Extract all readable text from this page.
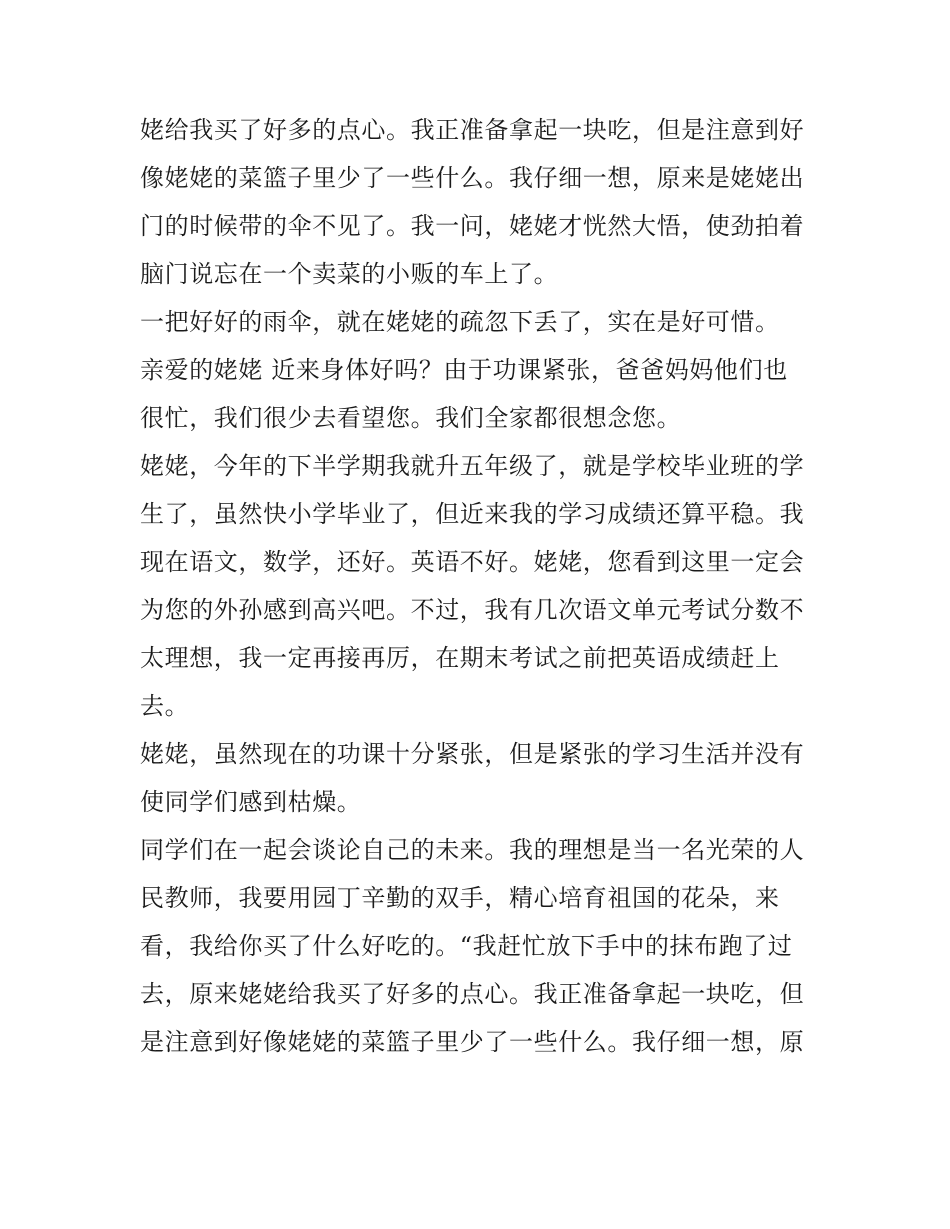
姥给我买了好多的点心。我正准备拿起一块吃，但是注意到好
像姥姥的菜篮子里少了一些什么。我仔细一想，原来是姥姥出
门的时候带的伞不见了。我一问，姥姥才恍然大悟，使劲拍着
脑门说忘在一个卖菜的小贩的车上了。
一把好好的雨伞，就在姥姥的疏忽下丢了，实在是好可惜。
亲爱的姥姥 近来身体好吗？由于功课紧张，爸爸妈妈他们也
很忙，我们很少去看望您。我们全家都很想念您。
姥姥，今年的下半学期我就升五年级了，就是学校毕业班的学
生了，虽然快小学毕业了，但近来我的学习成绩还算平稳。我
现在语文，数学，还好。英语不好。姥姥，您看到这里一定会
为您的外孙感到高兴吧。不过，我有几次语文单元考试分数不
太理想，我一定再接再厉，在期末考试之前把英语成绩赶上
去。
姥姥，虽然现在的功课十分紧张，但是紧张的学习生活并没有
使同学们感到枯燥。
同学们在一起会谈论自己的未来。我的理想是当一名光荣的人
民教师，我要用园丁辛勤的双手，精心培育祖国的花朵，来
看，我给你买了什么好吃的。“我赶忙放下手中的抹布跑了过
去，原来姥姥给我买了好多的点心。我正准备拿起一块吃，但
是注意到好像姥姥的菜篮子里少了一些什么。我仔细一想，原
